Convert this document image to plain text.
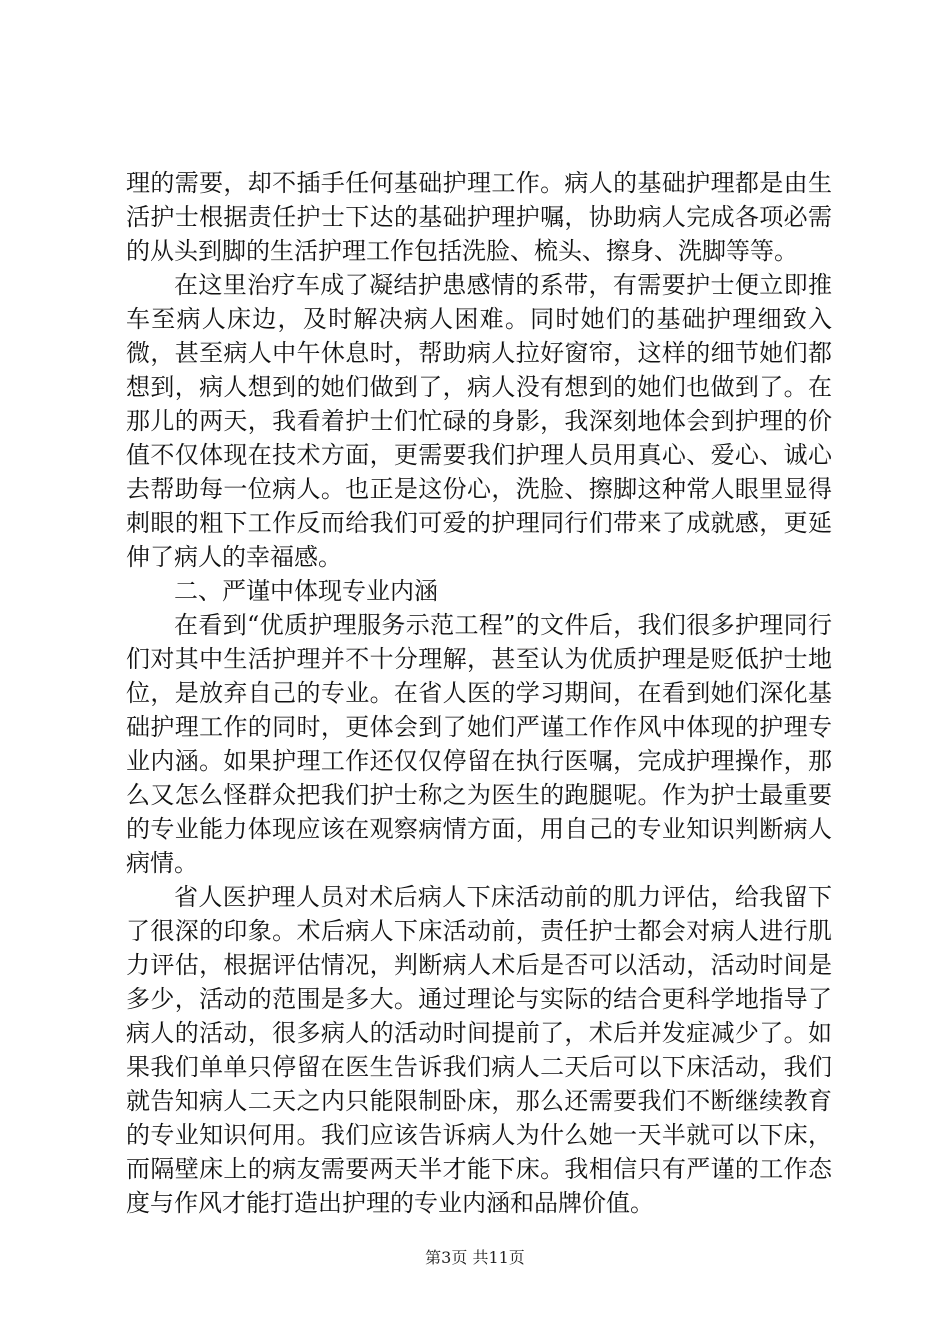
理的需要，却不插手任何基础护理工作。病人的基础护理都是由生活护士根据责任护士下达的基础护理护嘱，协助病人完成各项必需的从头到脚的生活护理工作包括洗脸、梳头、擦身、洗脚等等。

在这里治疗车成了凝结护患感情的系带，有需要护士便立即推车至病人床边，及时解决病人困难。同时她们的基础护理细致入微，甚至病人中午休息时，帮助病人拉好窗帘，这样的细节她们都想到，病人想到的她们做到了，病人没有想到的她们也做到了。在那儿的两天，我看着护士们忙碌的身影，我深刻地体会到护理的价值不仅体现在技术方面，更需要我们护理人员用真心、爱心、诚心去帮助每一位病人。也正是这份心，洗脸、擦脚这种常人眼里显得刺眼的粗下工作反而给我们可爱的护理同行们带来了成就感，更延伸了病人的幸福感。

二、严谨中体现专业内涵

在看到“优质护理服务示范工程”的文件后，我们很多护理同行们对其中生活护理并不十分理解，甚至认为优质护理是贬低护士地位，是放弃自己的专业。在省人医的学习期间，在看到她们深化基础护理工作的同时，更体会到了她们严谨工作作风中体现的护理专业内涵。如果护理工作还仅仅停留在执行医嘱，完成护理操作，那么又怎么怪群众把我们护士称之为医生的跑腿呢。作为护士最重要的专业能力体现应该在观察病情方面，用自己的专业知识判断病人病情。

省人医护理人员对术后病人下床活动前的肌力评估，给我留下了很深的印象。术后病人下床活动前，责任护士都会对病人进行肌力评估，根据评估情况，判断病人术后是否可以活动，活动时间是多少，活动的范围是多大。通过理论与实际的结合更科学地指导了病人的活动，很多病人的活动时间提前了，术后并发症减少了。如果我们单单只停留在医生告诉我们病人二天后可以下床活动，我们就告知病人二天之内只能限制卧床，那么还需要我们不断继续教育的专业知识何用。我们应该告诉病人为什么她一天半就可以下床，而隔壁床上的病友需要两天半才能下床。我相信只有严谨的工作态度与作风才能打造出护理的专业内涵和品牌价值。

第3页 共11页
